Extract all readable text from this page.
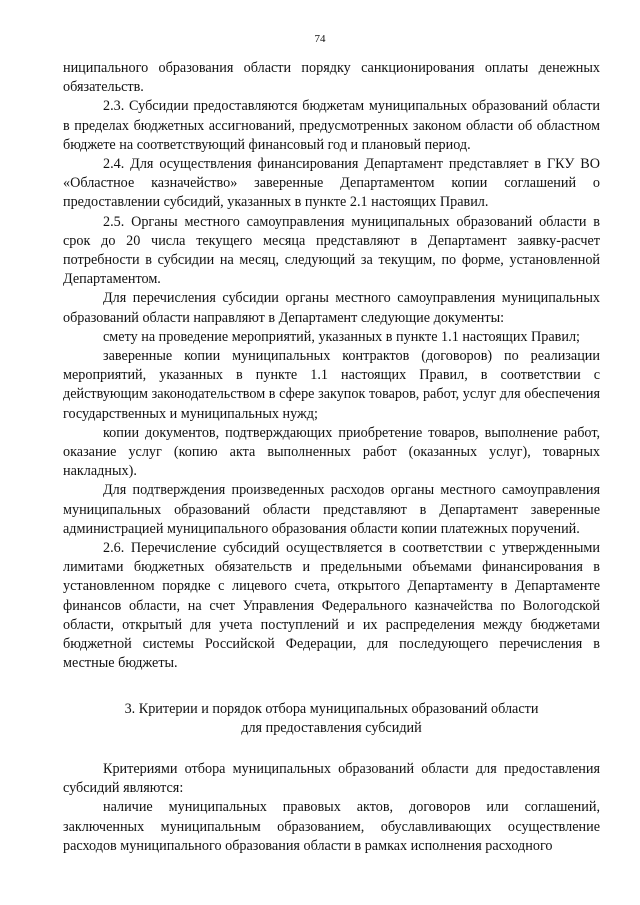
74

ниципального образования области порядку санкционирования оплаты денежных обязательств.

2.3. Субсидии предоставляются бюджетам муниципальных образований области в пределах бюджетных ассигнований, предусмотренных законом области об областном бюджете на соответствующий финансовый год и плановый период.

2.4. Для осуществления финансирования Департамент представляет в ГКУ ВО «Областное казначейство» заверенные Департаментом копии соглашений о предоставлении субсидий, указанных в пункте 2.1 настоящих Правил.

2.5. Органы местного самоуправления муниципальных образований области в срок до 20 числа текущего месяца представляют в Департамент заявку-расчет потребности в субсидии на месяц, следующий за текущим, по форме, установленной Департаментом.

Для перечисления субсидии органы местного самоуправления муниципальных образований области направляют в Департамент следующие документы:

смету на проведение мероприятий, указанных в пункте 1.1 настоящих Правил;

заверенные копии муниципальных контрактов (договоров) по реализации мероприятий, указанных в пункте 1.1 настоящих Правил, в соответствии с действующим законодательством в сфере закупок товаров, работ, услуг для обеспечения государственных и муниципальных нужд;

копии документов, подтверждающих приобретение товаров, выполнение работ, оказание услуг (копию акта выполненных работ (оказанных услуг), товарных накладных).

Для подтверждения произведенных расходов органы местного самоуправления муниципальных образований области представляют в Департамент заверенные администрацией муниципального образования области копии платежных поручений.

2.6. Перечисление субсидий осуществляется в соответствии с утвержденными лимитами бюджетных обязательств и предельными объемами финансирования в установленном порядке с лицевого счета, открытого Департаменту в Департаменте финансов области, на счет Управления Федерального казначейства по Вологодской области, открытый для учета поступлений и их распределения между бюджетами бюджетной системы Российской Федерации, для последующего перечисления в местные бюджеты.

3. Критерии и порядок отбора муниципальных образований области
для предоставления субсидий

Критериями отбора муниципальных образований области для предоставления субсидий являются:

наличие муниципальных правовых актов, договоров или соглашений, заключенных муниципальным образованием, обуславливающих осуществление расходов муниципального образования области в рамках исполнения расходного
